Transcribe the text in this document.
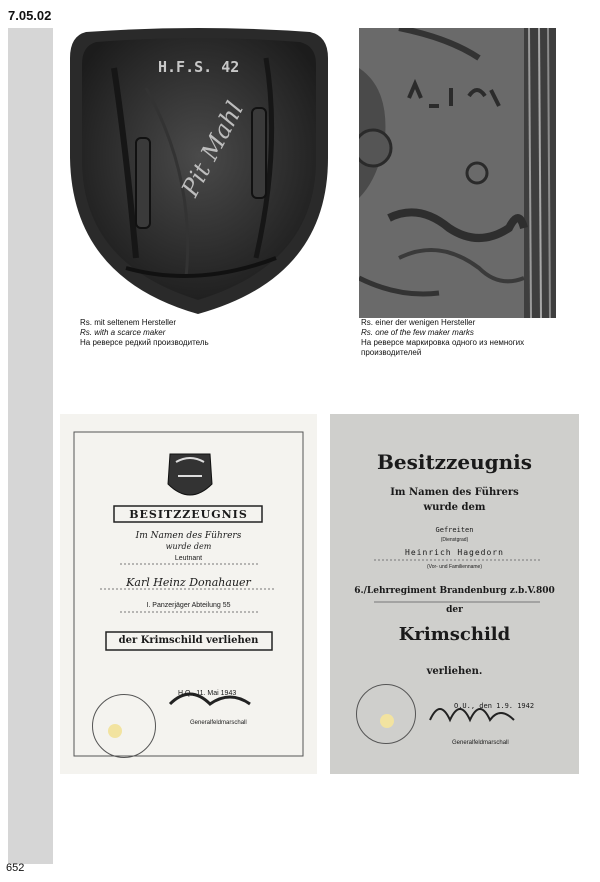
7.05.02
652
H.F.S. 42
Pit Mahl
Rs. mit seltenem Hersteller
Rs. with a scarce maker
На реверсе редкий производитель
Rs. einer der wenigen Hersteller
Rs. one of the few maker marks
На реверсе маркировка одного из немногих производителей
BESITZZEUGNIS
Im Namen des Führers
wurde dem
Leutnant
Karl Heinz Donahauer
I. Panzerjäger Abteilung 55
der Krimschild verliehen
H.Q., 11. Mai 1943
Generalfeldmarschall
Besitzzeugnis
Im Namen des Führers
wurde dem
Gefreiten
(Dienstgrad)
Heinrich Hagedorn
(Vor- und Familienname)
6./Lehrregiment Brandenburg z.b.V.800
der
Krimschild
verliehen.
O.U., den 1.9. 1942
Generalfeldmarschall
